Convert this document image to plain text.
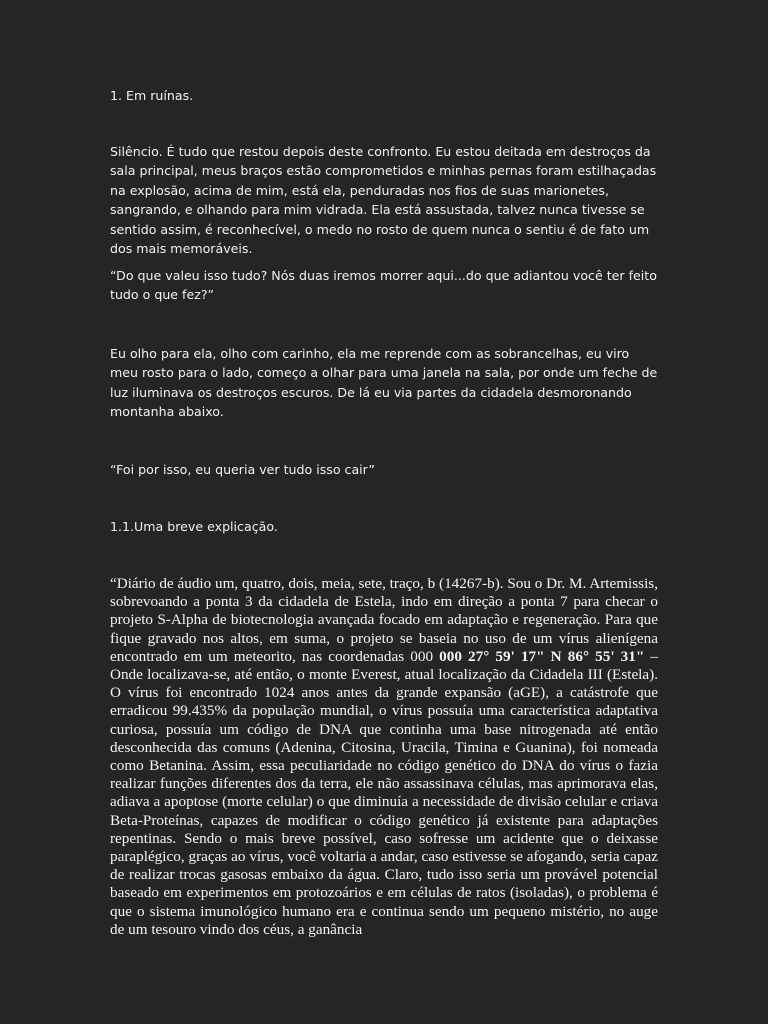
1. Em ruínas.

Silêncio. É tudo que restou depois deste confronto. Eu estou deitada em destroços da sala principal, meus braços estão comprometidos e minhas pernas foram estilhaçadas na explosão, acima de mim, está ela, penduradas nos fios de suas marionetes, sangrando, e olhando para mim vidrada. Ela está assustada, talvez nunca tivesse se sentido assim, é reconhecível, o medo no rosto de quem nunca o sentiu é de fato um dos mais memoráveis.

“Do que valeu isso tudo? Nós duas iremos morrer aqui...do que adiantou você ter feito tudo o que fez?”

Eu olho para ela, olho com carinho, ela me reprende com as sobrancelhas, eu viro meu rosto para o lado, começo a olhar para uma janela na sala, por onde um feche de luz iluminava os destroços escuros. De lá eu via partes da cidadela desmoronando montanha abaixo.

“Foi por isso, eu queria ver tudo isso cair”

1.1.Uma breve explicação.

“Diário de áudio um, quatro, dois, meia, sete, traço, b (14267-b). Sou o Dr. M. Artemissis, sobrevoando a ponta 3 da cidadela de Estela, indo em direção a ponta 7 para checar o projeto S-Alpha de biotecnologia avançada focado em adaptação e regeneração. Para que fique gravado nos altos, em suma, o projeto se baseia no uso de um vírus alienígena encontrado em um meteorito, nas coordenadas 000 000 27° 59' 17" N 86° 55' 31" – Onde localizava-se, até então, o monte Everest, atual localização da Cidadela III (Estela). O vírus foi encontrado 1024 anos antes da grande expansão (aGE), a catástrofe que erradicou 99.435% da população mundial, o vírus possuía uma característica adaptativa curiosa, possuía um código de DNA que continha uma base nitrogenada até então desconhecida das comuns (Adenina, Citosina, Uracila, Timina e Guanina), foi nomeada como Betanina. Assim, essa peculiaridade no código genético do DNA do vírus o fazia realizar funções diferentes dos da terra, ele não assassinava células, mas aprimorava elas, adiava a apoptose (morte celular) o que diminuía a necessidade de divisão celular e criava Beta-Proteínas, capazes de modificar o código genético já existente para adaptações repentinas. Sendo o mais breve possível, caso sofresse um acidente que o deixasse paraplégico, graças ao vírus, você voltaria a andar, caso estivesse se afogando, seria capaz de realizar trocas gasosas embaixo da água. Claro, tudo isso seria um provável potencial baseado em experimentos em protozoários e em células de ratos (isoladas), o problema é que o sistema imunológico humano era e continua sendo um pequeno mistério, no auge de um tesouro vindo dos céus, a ganância
